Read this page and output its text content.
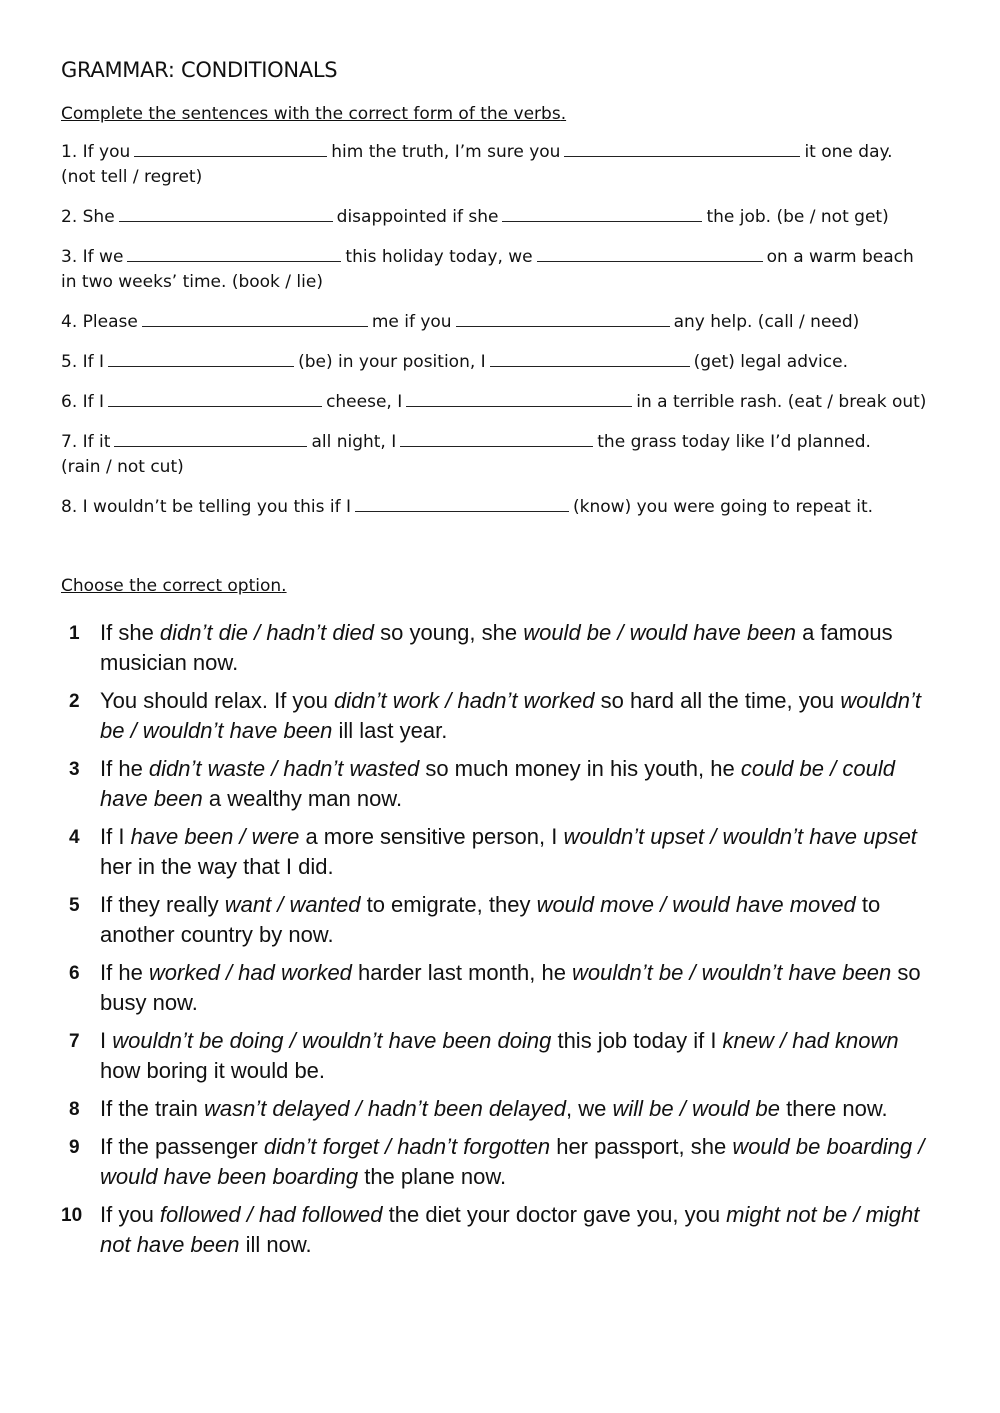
GRAMMAR: CONDITIONALS

Complete the sentences with the correct form of the verbs.

1. If you	him the truth, I’m sure you	it one day.
(not tell / regret)
2. She	disappointed if she	the job. (be / not get)
3. If we	this holiday today, we	on a warm beach in two weeks’ time. (book / lie)
4. Please	me if you	any help. (call / need)
5. If I	(be) in your position, I	(get) legal advice.
6. If I	cheese, I	in a terrible rash. (eat / break out)
7. If it	all night, I	the grass today like I’d planned.
(rain / not cut)
8. I wouldn’t be telling you this if I	(know) you were going to repeat it.

Choose the correct option.

1 If she didn’t die / hadn’t died so young, she would be / would have been a famous musician now.
2 You should relax. If you didn’t work / hadn’t worked so hard all the time, you wouldn’t be / wouldn’t have been ill last year.
3 If he didn’t waste / hadn’t wasted so much money in his youth, he could be / could have been a wealthy man now.
4 If I have been / were a more sensitive person, I wouldn’t upset / wouldn’t have upset her in the way that I did.
5 If they really want / wanted to emigrate, they would move / would have moved to another country by now.
6 If he worked / had worked harder last month, he wouldn’t be / wouldn’t have been so busy now.
7 I wouldn’t be doing / wouldn’t have been doing this job today if I knew / had known how boring it would be.
8 If the train wasn’t delayed / hadn’t been delayed, we will be / would be there now.
9 If the passenger didn’t forget / hadn’t forgotten her passport, she would be boarding / would have been boarding the plane now.
10 If you followed / had followed the diet your doctor gave you, you might not be / might not have been ill now.
